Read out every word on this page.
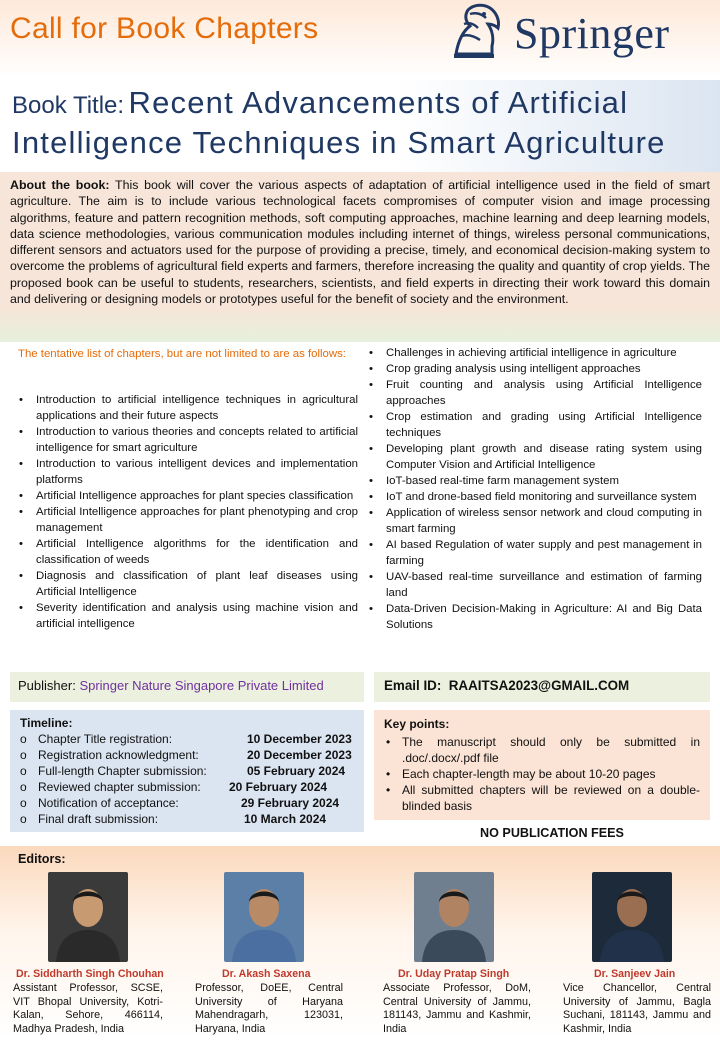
Call for Book Chapters	Springer
Book Title: Recent Advancements of Artificial
Intelligence Techniques in Smart Agriculture
About the book: This book will cover the various aspects of adaptation of artificial intelligence used in the field of smart agriculture. The aim is to include various technological facets compromises of computer vision and image processing algorithms, feature and pattern recognition methods, soft computing approaches, machine learning and deep learning models, data science methodologies, various communication modules including internet of things, wireless personal communications, different sensors and actuators used for the purpose of providing a precise, timely, and economical decision-making system to overcome the problems of agricultural field experts and farmers, therefore increasing the quality and quantity of crop yields. The proposed book can be useful to students, researchers, scientists, and field experts in directing their work toward this domain and delivering or designing models or prototypes useful for the benefit of society and the environment.
The tentative list of chapters, but are not limited to are as follows:
• Introduction to artificial intelligence techniques in agricultural applications and their future aspects
• Introduction to various theories and concepts related to artificial intelligence for smart agriculture
• Introduction to various intelligent devices and implementation platforms
• Artificial Intelligence approaches for plant species classification
• Artificial Intelligence approaches for plant phenotyping and crop management
• Artificial Intelligence algorithms for the identification and classification of weeds
• Diagnosis and classification of plant leaf diseases using Artificial Intelligence
• Severity identification and analysis using machine vision and artificial intelligence
• Challenges in achieving artificial intelligence in agriculture
• Crop grading analysis using intelligent approaches
• Fruit counting and analysis using Artificial Intelligence approaches
• Crop estimation and grading using Artificial Intelligence techniques
• Developing plant growth and disease rating system using Computer Vision and Artificial Intelligence
• IoT-based real-time farm management system
• IoT and drone-based field monitoring and surveillance system
• Application of wireless sensor network and cloud computing in smart farming
• AI based Regulation of water supply and pest management in farming
• UAV-based real-time surveillance and estimation of farming land
• Data-Driven Decision-Making in Agriculture: AI and Big Data Solutions
Publisher: Springer Nature Singapore Private Limited	Email ID: RAAITSA2023@GMAIL.COM
Timeline:
o Chapter Title registration:	10 December 2023
o Registration acknowledgment:	20 December 2023
o Full-length Chapter submission:	05 February 2024
o Reviewed chapter submission: 20 February 2024
o Notification of acceptance:	29 February 2024
o Final draft submission:	10 March 2024
Key points:
• The manuscript should only be submitted in .doc/.docx/.pdf file
• Each chapter-length may be about 10-20 pages
• All submitted chapters will be reviewed on a double-blinded basis
NO PUBLICATION FEES
Editors:
Dr. Siddharth Singh Chouhan
Assistant Professor, SCSE, VIT Bhopal University, Kotri-Kalan, Sehore, 466114, Madhya Pradesh, India
Dr. Akash Saxena
Professor, DoEE, Central University of Haryana Mahendragarh, 123031, Haryana, India
Dr. Uday Pratap Singh
Associate Professor, DoM, Central University of Jammu, 181143, Jammu and Kashmir, India
Dr. Sanjeev Jain
Vice Chancellor, Central University of Jammu, Bagla Suchani, 181143, Jammu and Kashmir, India
